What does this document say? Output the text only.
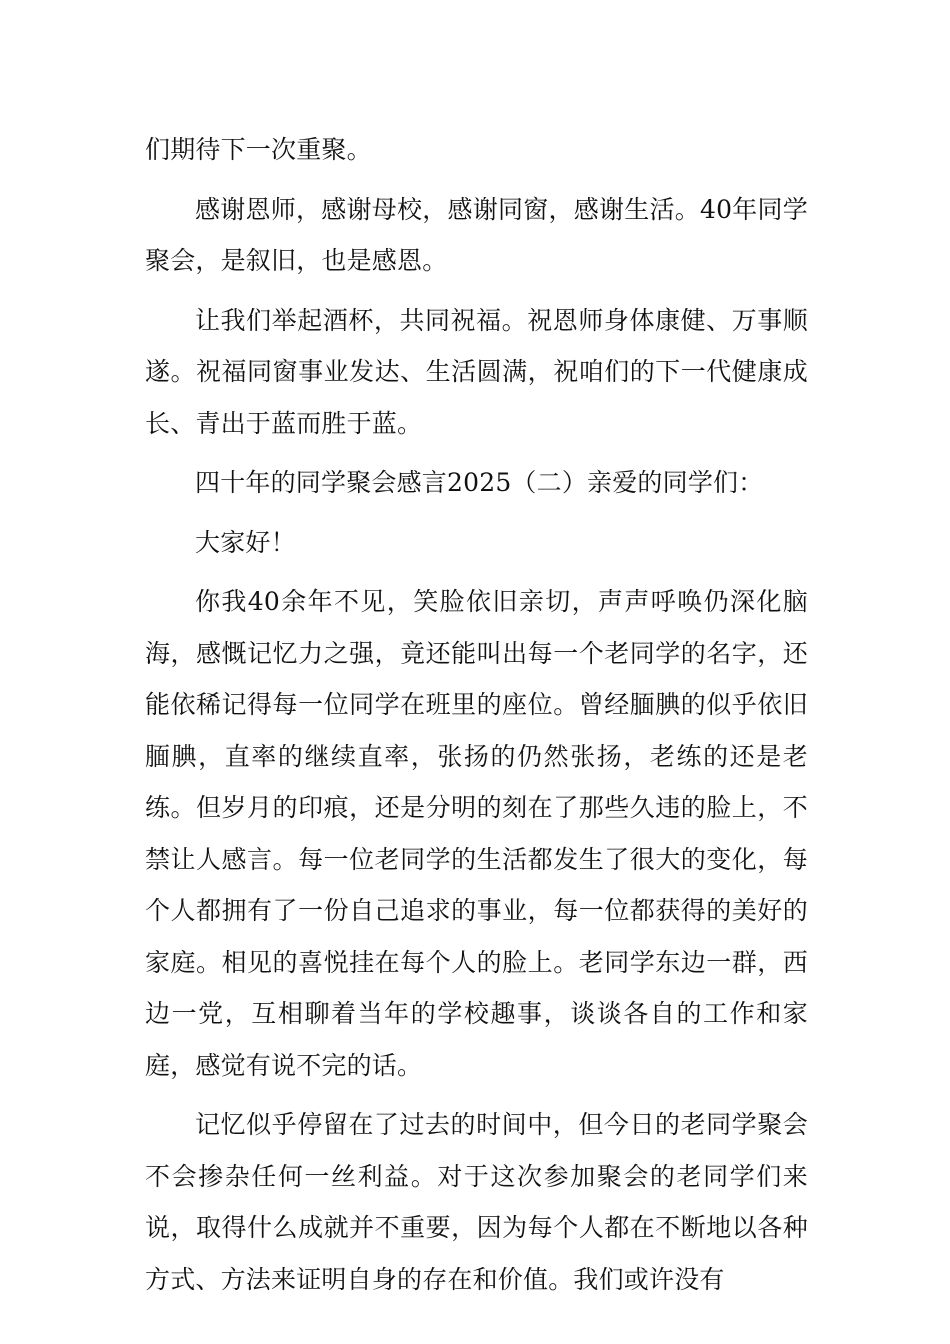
们期待下一次重聚。

感谢恩师，感谢母校，感谢同窗，感谢生活。40年同学聚会，是叙旧，也是感恩。

让我们举起酒杯，共同祝福。祝恩师身体康健、万事顺遂。祝福同窗事业发达、生活圆满，祝咱们的下一代健康成长、青出于蓝而胜于蓝。

四十年的同学聚会感言2025（二）亲爱的同学们：

大家好！

你我40余年不见，笑脸依旧亲切，声声呼唤仍深化脑海，感慨记忆力之强，竟还能叫出每一个老同学的名字，还能依稀记得每一位同学在班里的座位。曾经腼腆的似乎依旧腼腆，直率的继续直率，张扬的仍然张扬，老练的还是老练。但岁月的印痕，还是分明的刻在了那些久违的脸上，不禁让人感言。每一位老同学的生活都发生了很大的变化，每个人都拥有了一份自己追求的事业，每一位都获得的美好的家庭。相见的喜悦挂在每个人的脸上。老同学东边一群，西边一党，互相聊着当年的学校趣事，谈谈各自的工作和家庭，感觉有说不完的话。

记忆似乎停留在了过去的时间中，但今日的老同学聚会不会掺杂任何一丝利益。对于这次参加聚会的老同学们来说，取得什么成就并不重要，因为每个人都在不断地以各种方式、方法来证明自身的存在和价值。我们或许没有
